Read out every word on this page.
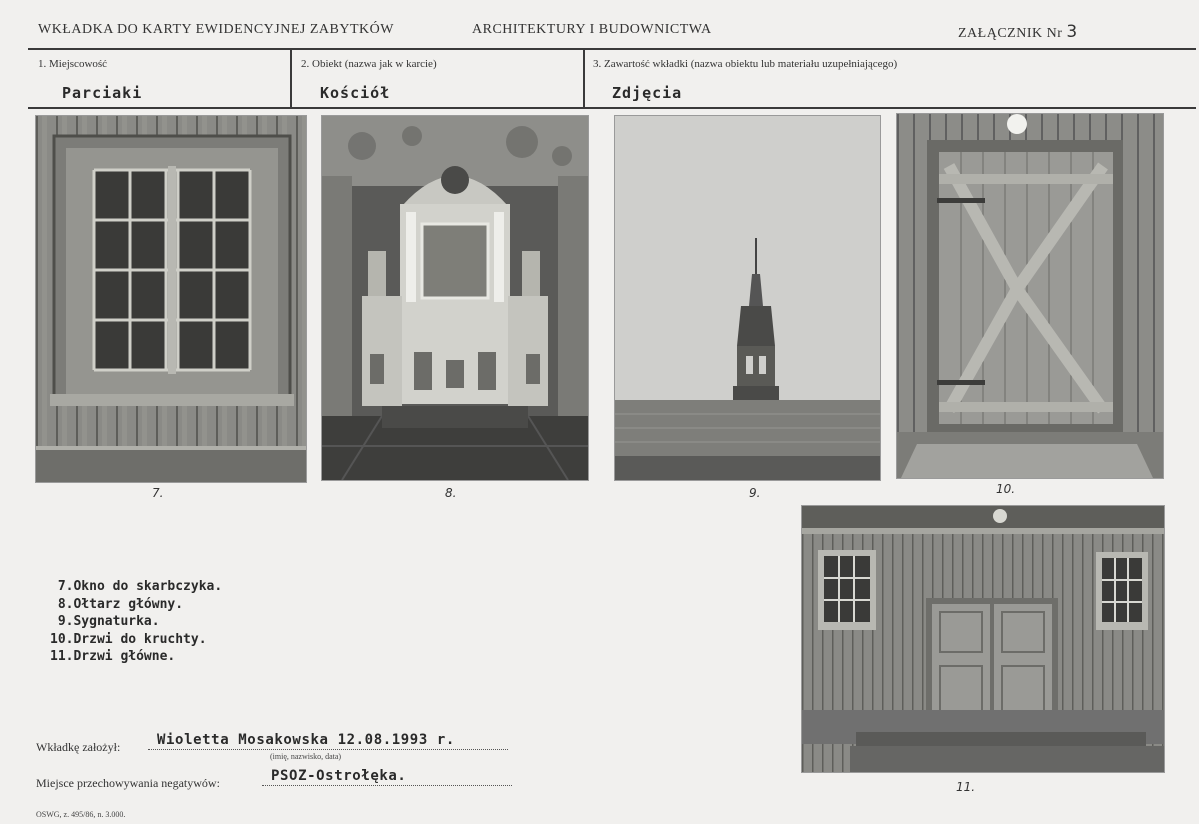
WKŁADKA DO KARTY EWIDENCYJNEJ ZABYTKÓW	ARCHITEKTURY I BUDOWNICTWA	ZAŁĄCZNIK Nr 3
1. Miejscowość
Parciaki
2. Obiekt (nazwa jak w karcie)
Kościół
3. Zawartość wkładki (nazwa obiektu lub materiału uzupełniającego)
Zdjęcia
7.	8.	9.	10.
11.
7.Okno do skarbczyka.
8.Ołtarz główny.
9.Sygnaturka.
10.Drzwi do kruchty.
11.Drzwi główne.
Wkładkę założył:	Wioletta Mosakowska 12.08.1993 r.
(imię, nazwisko, data)
Miejsce przechowywania negatywów:	PSOZ-Ostrołęka.
OSWG, z. 495/86, n. 3.000.
